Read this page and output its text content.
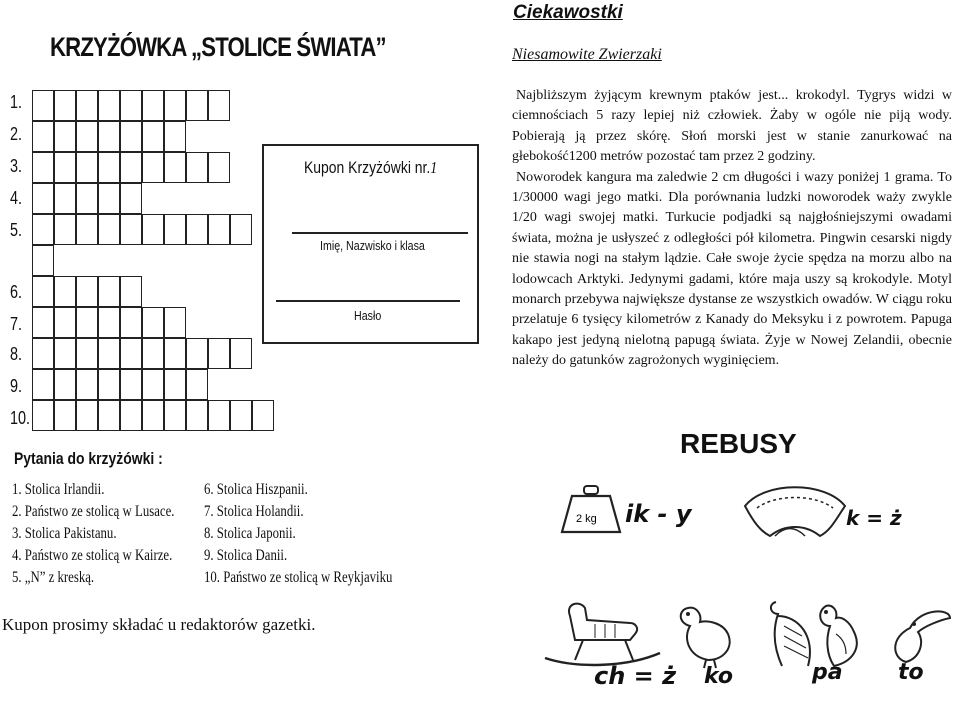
KRZYŻÓWKA „STOLICE ŚWIATA”
1.
2.
3.
4.
5.
6.
7.
8.
9.
10.
Kupon Krzyżówki nr.1
Imię, Nazwisko i klasa
Hasło
Pytania do krzyżówki :
1. Stolica Irlandii.
2. Państwo ze stolicą w Lusace.
3. Stolica Pakistanu.
4. Państwo ze stolicą w Kairze.
5. „N” z kreską.
6. Stolica Hiszpanii.
7. Stolica Holandii.
8. Stolica Japonii.
9. Stolica Danii.
10. Państwo ze stolicą w Reykjaviku
Kupon prosimy składać u redaktorów gazetki.
Ciekawostki
Niesamowite Zwierzaki

Najbliższym żyjącym krewnym ptaków jest... krokodyl. Tygrys widzi w ciemnościach 5 razy lepiej niż człowiek. Żaby w ogóle nie piją wody. Pobierają ją przez skórę. Słoń morski jest w stanie zanurkować na głebokość1200 metrów pozostać tam przez 2 godziny.

Noworodek kangura ma zaledwie 2 cm długości i wazy poniżej 1 grama. To 1/30000 wagi jego matki. Dla porównania ludzki noworodek waży zwykle 1/20 wagi swojej matki. Turkucie podjadki są najgłośniejszymi owadami świata, można je usłyszeć z odległości pół kilometra. Pingwin cesarski nigdy nie stawia nogi na stałym lądzie. Całe swoje życie spędza na morzu albo na lodowcach Arktyki. Jedynymi gadami, które maja uszy są krokodyle. Motyl monarch przebywa największe dystanse ze wszystkich owadów. W ciągu roku przelatuje 6 tysięcy kilometrów z Kanady do Meksyku i z powrotem. Papuga kakapo jest jedyną nielotną papugą świata. Żyje w Nowej Zelandii, obecnie należy do gatunków zagrożonych wyginięciem.

REBUSY
2 kg ik - y	k = ż
ch = ż ko	pa	to
